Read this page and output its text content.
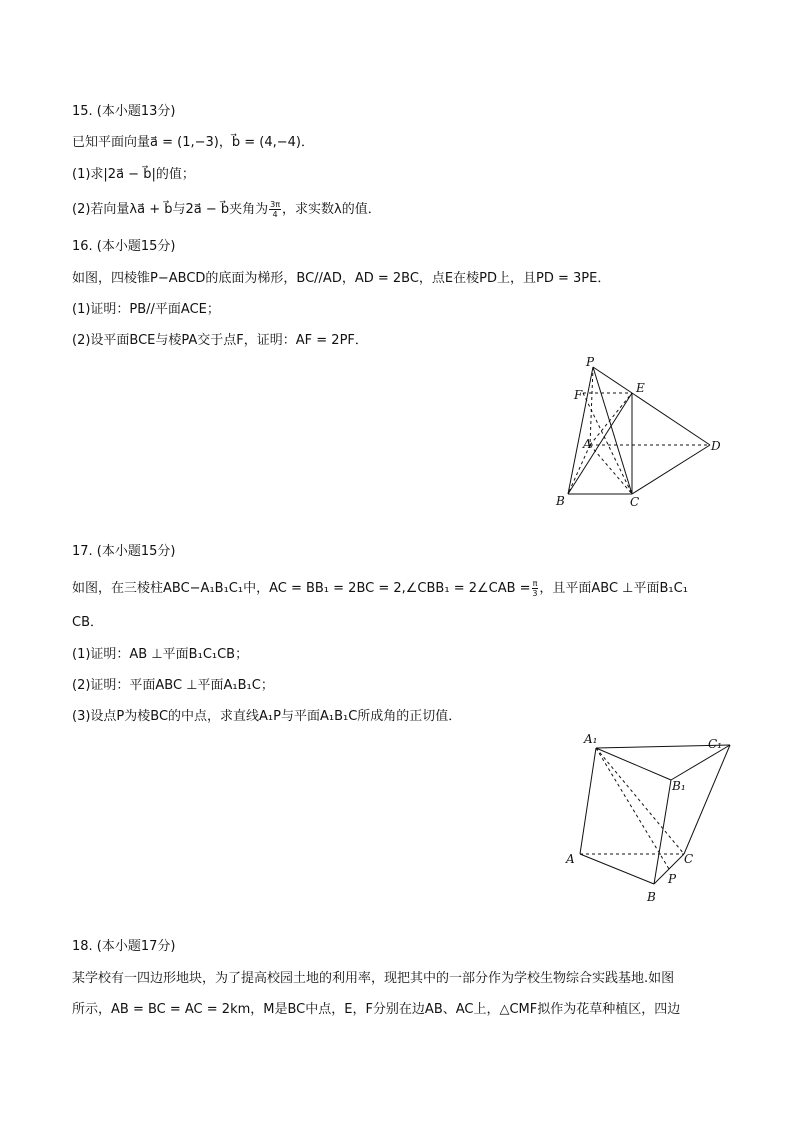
15. (本小题13分)
已知平面向量a⃗ = (1,−3)，b⃗ = (4,−4)．
(1)求|2a⃗ − b⃗|的值；
(2)若向量λa⃗ + b⃗与2a⃗ − b⃗夹角为 $\frac{3\pi}{4}$ ，求实数λ的值．
16. (本小题15分)
如图，四棱锥P−ABCD的底面为梯形，BC//AD，AD = 2BC，点E在棱PD上，且PD = 3PE．
(1)证明：PB//平面ACE；
(2)设平面BCE与棱PA交于点F，证明：AF = 2PF．
P
E
F
A	D
B	C
17. (本小题15分)
如图，在三棱柱ABC−A₁B₁C₁中，AC = BB₁ = 2BC = 2,∠CBB₁ = 2∠CAB = $\frac{\pi}{3}$ ，且平面ABC ⊥平面B₁C₁
CB．
(1)证明：AB ⊥平面B₁C₁CB；
(2)证明：平面ABC ⊥平面A₁B₁C；
(3)设点P为棱BC的中点，求直线A₁P与平面A₁B₁C所成角的正切值．
A₁	C₁
B₁
A	C
P
B
18. (本小题17分)
某学校有一四边形地块，为了提高校园土地的利用率，现把其中的一部分作为学校生物综合实践基地.如图
所示，AB = BC = AC = 2km，M是BC中点，E，F分别在边AB、AC上，△CMF拟作为花草种植区，四边
